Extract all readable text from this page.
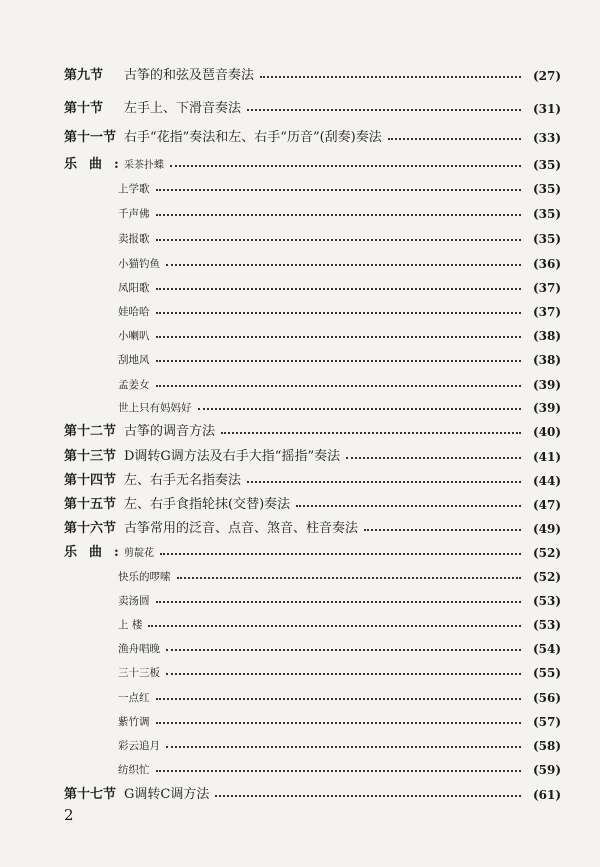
第九节 古筝的和弦及琶音奏法	(27)
第十节 左手上、下滑音奏法	(31)
第十一节 右手“花指”奏法和左、右手“历音”(刮奏)奏法	(33)
乐曲:采茶扑蝶	(35)
上学歌	(35)
千声佛	(35)
卖报歌	(35)
小猫钓鱼	(36)
凤阳歌	(37)
娃哈哈	(37)
小喇叭	(38)
刮地风	(38)
孟姜女	(39)
世上只有妈妈好	(39)
第十二节 古筝的调音方法	(40)
第十三节 D调转G调方法及右手大指“摇指”奏法	(41)
第十四节 左、右手无名指奏法	(44)
第十五节 左、右手食指轮抹(交替)奏法	(47)
第十六节 古筝常用的泛音、点音、煞音、柱音奏法	(49)
乐曲:剪靛花	(52)
快乐的啰嗦	(52)
卖汤圆	(53)
上 楼	(53)
渔舟唱晚	(54)
三十三板	(55)
一点红	(56)
紫竹调	(57)
彩云追月	(58)
纺织忙	(59)
第十七节 G调转C调方法	(61)
2
